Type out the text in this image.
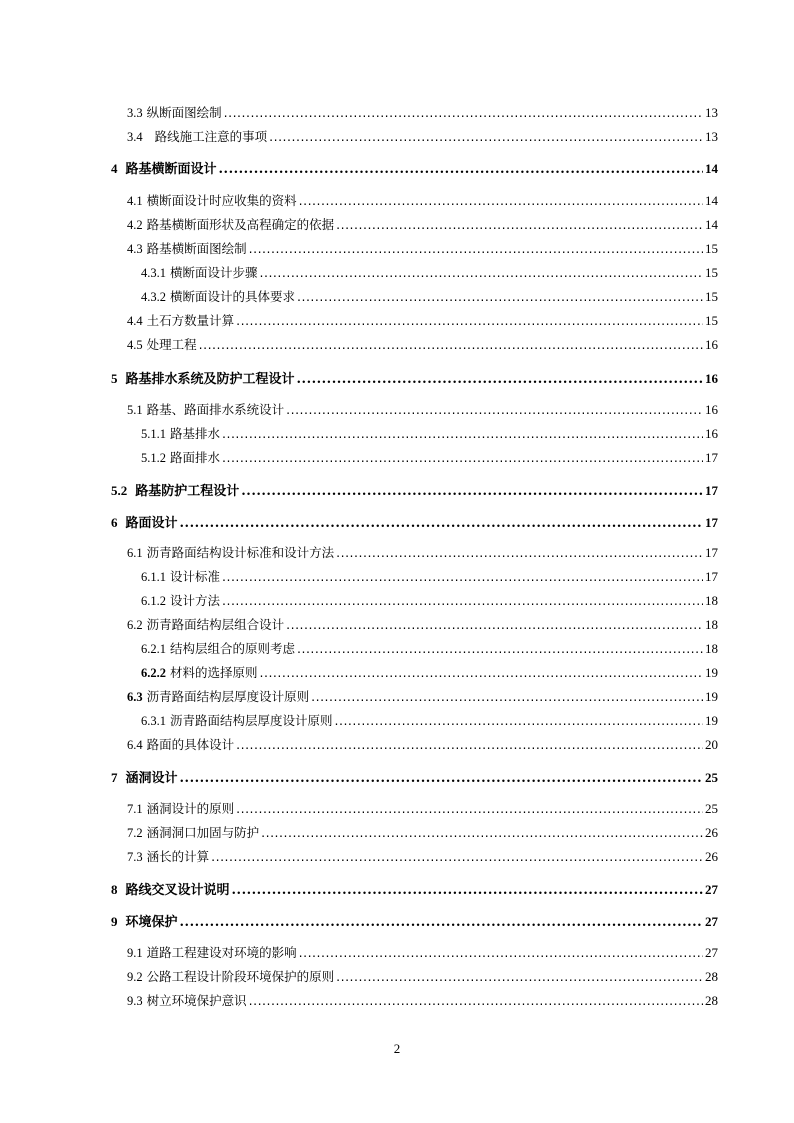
3.3 纵断面图绘制 .....	13
3.4 路线施工注意的事项 .....	13
4 路基横断面设计 .....	14
4.1 横断面设计时应收集的资料 .....	14
4.2 路基横断面形状及高程确定的依据 .....	14
4.3 路基横断面图绘制 .....	15
4.3.1 横断面设计步骤 .....	15
4.3.2 横断面设计的具体要求 .....	15
4.4 土石方数量计算 .....	15
4.5 处理工程 .....	16
5 路基排水系统及防护工程设计 .....	16
5.1 路基、路面排水系统设计 .....	16
5.1.1 路基排水 .....	16
5.1.2 路面排水 .....	17
5.2 路基防护工程设计 .....	17
6 路面设计 .....	17
6.1 沥青路面结构设计标准和设计方法 .....	17
6.1.1 设计标准 .....	17
6.1.2 设计方法 .....	18
6.2 沥青路面结构层组合设计 .....	18
6.2.1 结构层组合的原则考虑 .....	18
6.2.2 材料的选择原则 .....	19
6.3 沥青路面结构层厚度设计原则 .....	19
6.3.1 沥青路面结构层厚度设计原则 .....	19
6.4 路面的具体设计 .....	20
7 涵洞设计 .....	25
7.1 涵洞设计的原则 .....	25
7.2 涵洞洞口加固与防护 .....	26
7.3 涵长的计算 .....	26
8 路线交叉设计说明 .....	27
9 环境保护 .....	27
9.1 道路工程建设对环境的影响 .....	27
9.2 公路工程设计阶段环境保护的原则 .....	28
9.3 树立环境保护意识 .....	28
2
